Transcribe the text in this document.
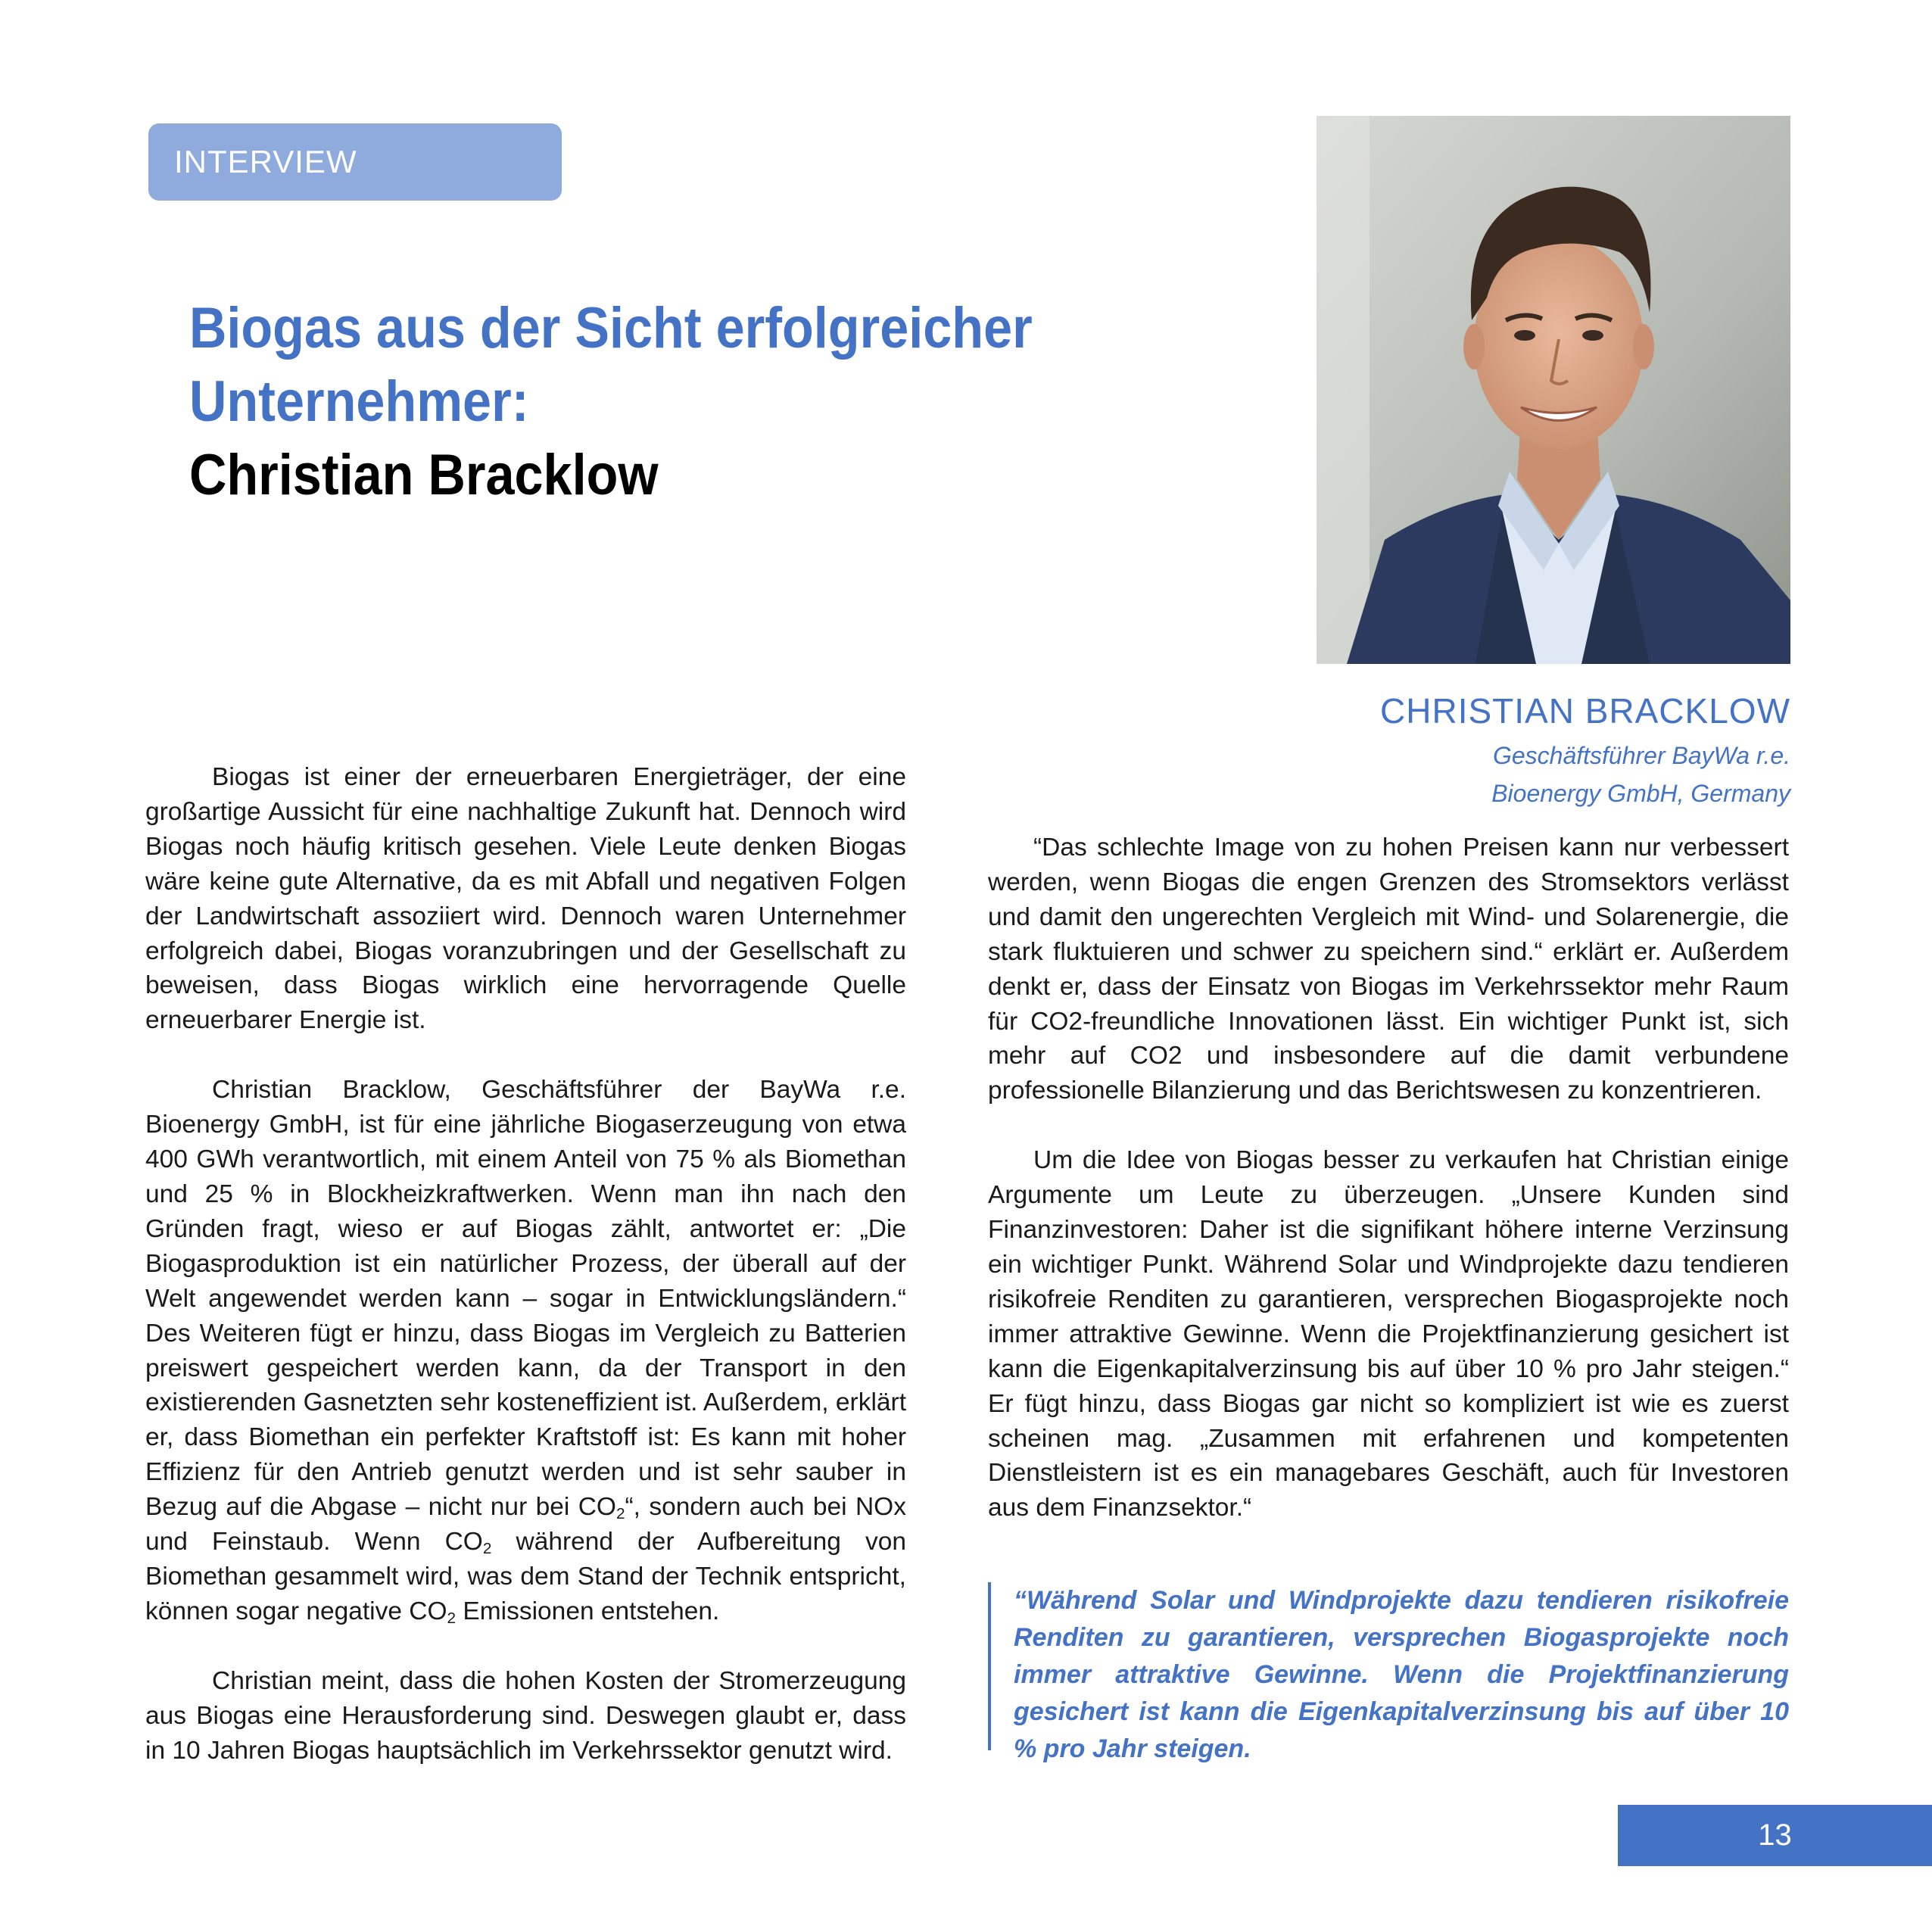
INTERVIEW
Biogas aus der Sicht erfolgreicher
Unternehmer:
Christian Bracklow
CHRISTIAN BRACKLOW
Geschäftsführer BayWa r.e.
Bioenergy GmbH, Germany

Biogas ist einer der erneuerbaren Energieträger, der eine großartige Aussicht für eine nachhaltige Zukunft hat. Dennoch wird Biogas noch häufig kritisch gesehen. Viele Leute denken Biogas wäre keine gute Alternative, da es mit Abfall und negativen Folgen der Landwirtschaft assoziiert wird. Dennoch waren Unternehmer erfolgreich dabei, Biogas voranzubringen und der Gesellschaft zu beweisen, dass Biogas wirklich eine hervorragende Quelle erneuerbarer Energie ist.

Christian Bracklow, Geschäftsführer der BayWa r.e. Bioenergy GmbH, ist für eine jährliche Biogaserzeugung von etwa 400 GWh verantwortlich, mit einem Anteil von 75 % als Biomethan und 25 % in Blockheizkraftwerken. Wenn man ihn nach den Gründen fragt, wieso er auf Biogas zählt, antwortet er: „Die Biogasproduktion ist ein natürlicher Prozess, der überall auf der Welt angewendet werden kann – sogar in Entwicklungsländern.“ Des Weiteren fügt er hinzu, dass Biogas im Vergleich zu Batterien preiswert gespeichert werden kann, da der Transport in den existierenden Gasnetzten sehr kosteneffizient ist. Außerdem, erklärt er, dass Biomethan ein perfekter Kraftstoff ist: Es kann mit hoher Effizienz für den Antrieb genutzt werden und ist sehr sauber in Bezug auf die Abgase – nicht nur bei $CO_2“$, sondern auch bei NOx und Feinstaub. Wenn $CO_2$ während der Aufbereitung von Biomethan gesammelt wird, was dem Stand der Technik entspricht, können sogar negative $CO_2$ Emissionen entstehen.

Christian meint, dass die hohen Kosten der Stromerzeugung aus Biogas eine Herausforderung sind. Deswegen glaubt er, dass in 10 Jahren Biogas hauptsächlich im Verkehrssektor genutzt wird.

“Das schlechte Image von zu hohen Preisen kann nur verbessert werden, wenn Biogas die engen Grenzen des Stromsektors verlässt und damit den ungerechten Vergleich mit Wind- und Solarenergie, die stark fluktuieren und schwer zu speichern sind.“ erklärt er. Außerdem denkt er, dass der Einsatz von Biogas im Verkehrssektor mehr Raum für CO2-freundliche Innovationen lässt. Ein wichtiger Punkt ist, sich mehr auf CO2 und insbesondere auf die damit verbundene professionelle Bilanzierung und das Berichtswesen zu konzentrieren.

Um die Idee von Biogas besser zu verkaufen hat Christian einige Argumente um Leute zu überzeugen. „Unsere Kunden sind Finanzinvestoren: Daher ist die signifikant höhere interne Verzinsung ein wichtiger Punkt. Während Solar und Windprojekte dazu tendieren risikofreie Renditen zu garantieren, versprechen Biogasprojekte noch immer attraktive Gewinne. Wenn die Projektfinanzierung gesichert ist kann die Eigenkapitalverzinsung bis auf über 10 % pro Jahr steigen.“ Er fügt hinzu, dass Biogas gar nicht so kompliziert ist wie es zuerst scheinen mag. „Zusammen mit erfahrenen und kompetenten Dienstleistern ist es ein managebares Geschäft, auch für Investoren aus dem Finanzsektor.“

“Während Solar und Windprojekte dazu tendieren risikofreie Renditen zu garantieren, versprechen Biogasprojekte noch immer attraktive Gewinne. Wenn die Projektfinanzierung gesichert ist kann die Eigenkapitalverzinsung bis auf über 10 % pro Jahr steigen.
13
